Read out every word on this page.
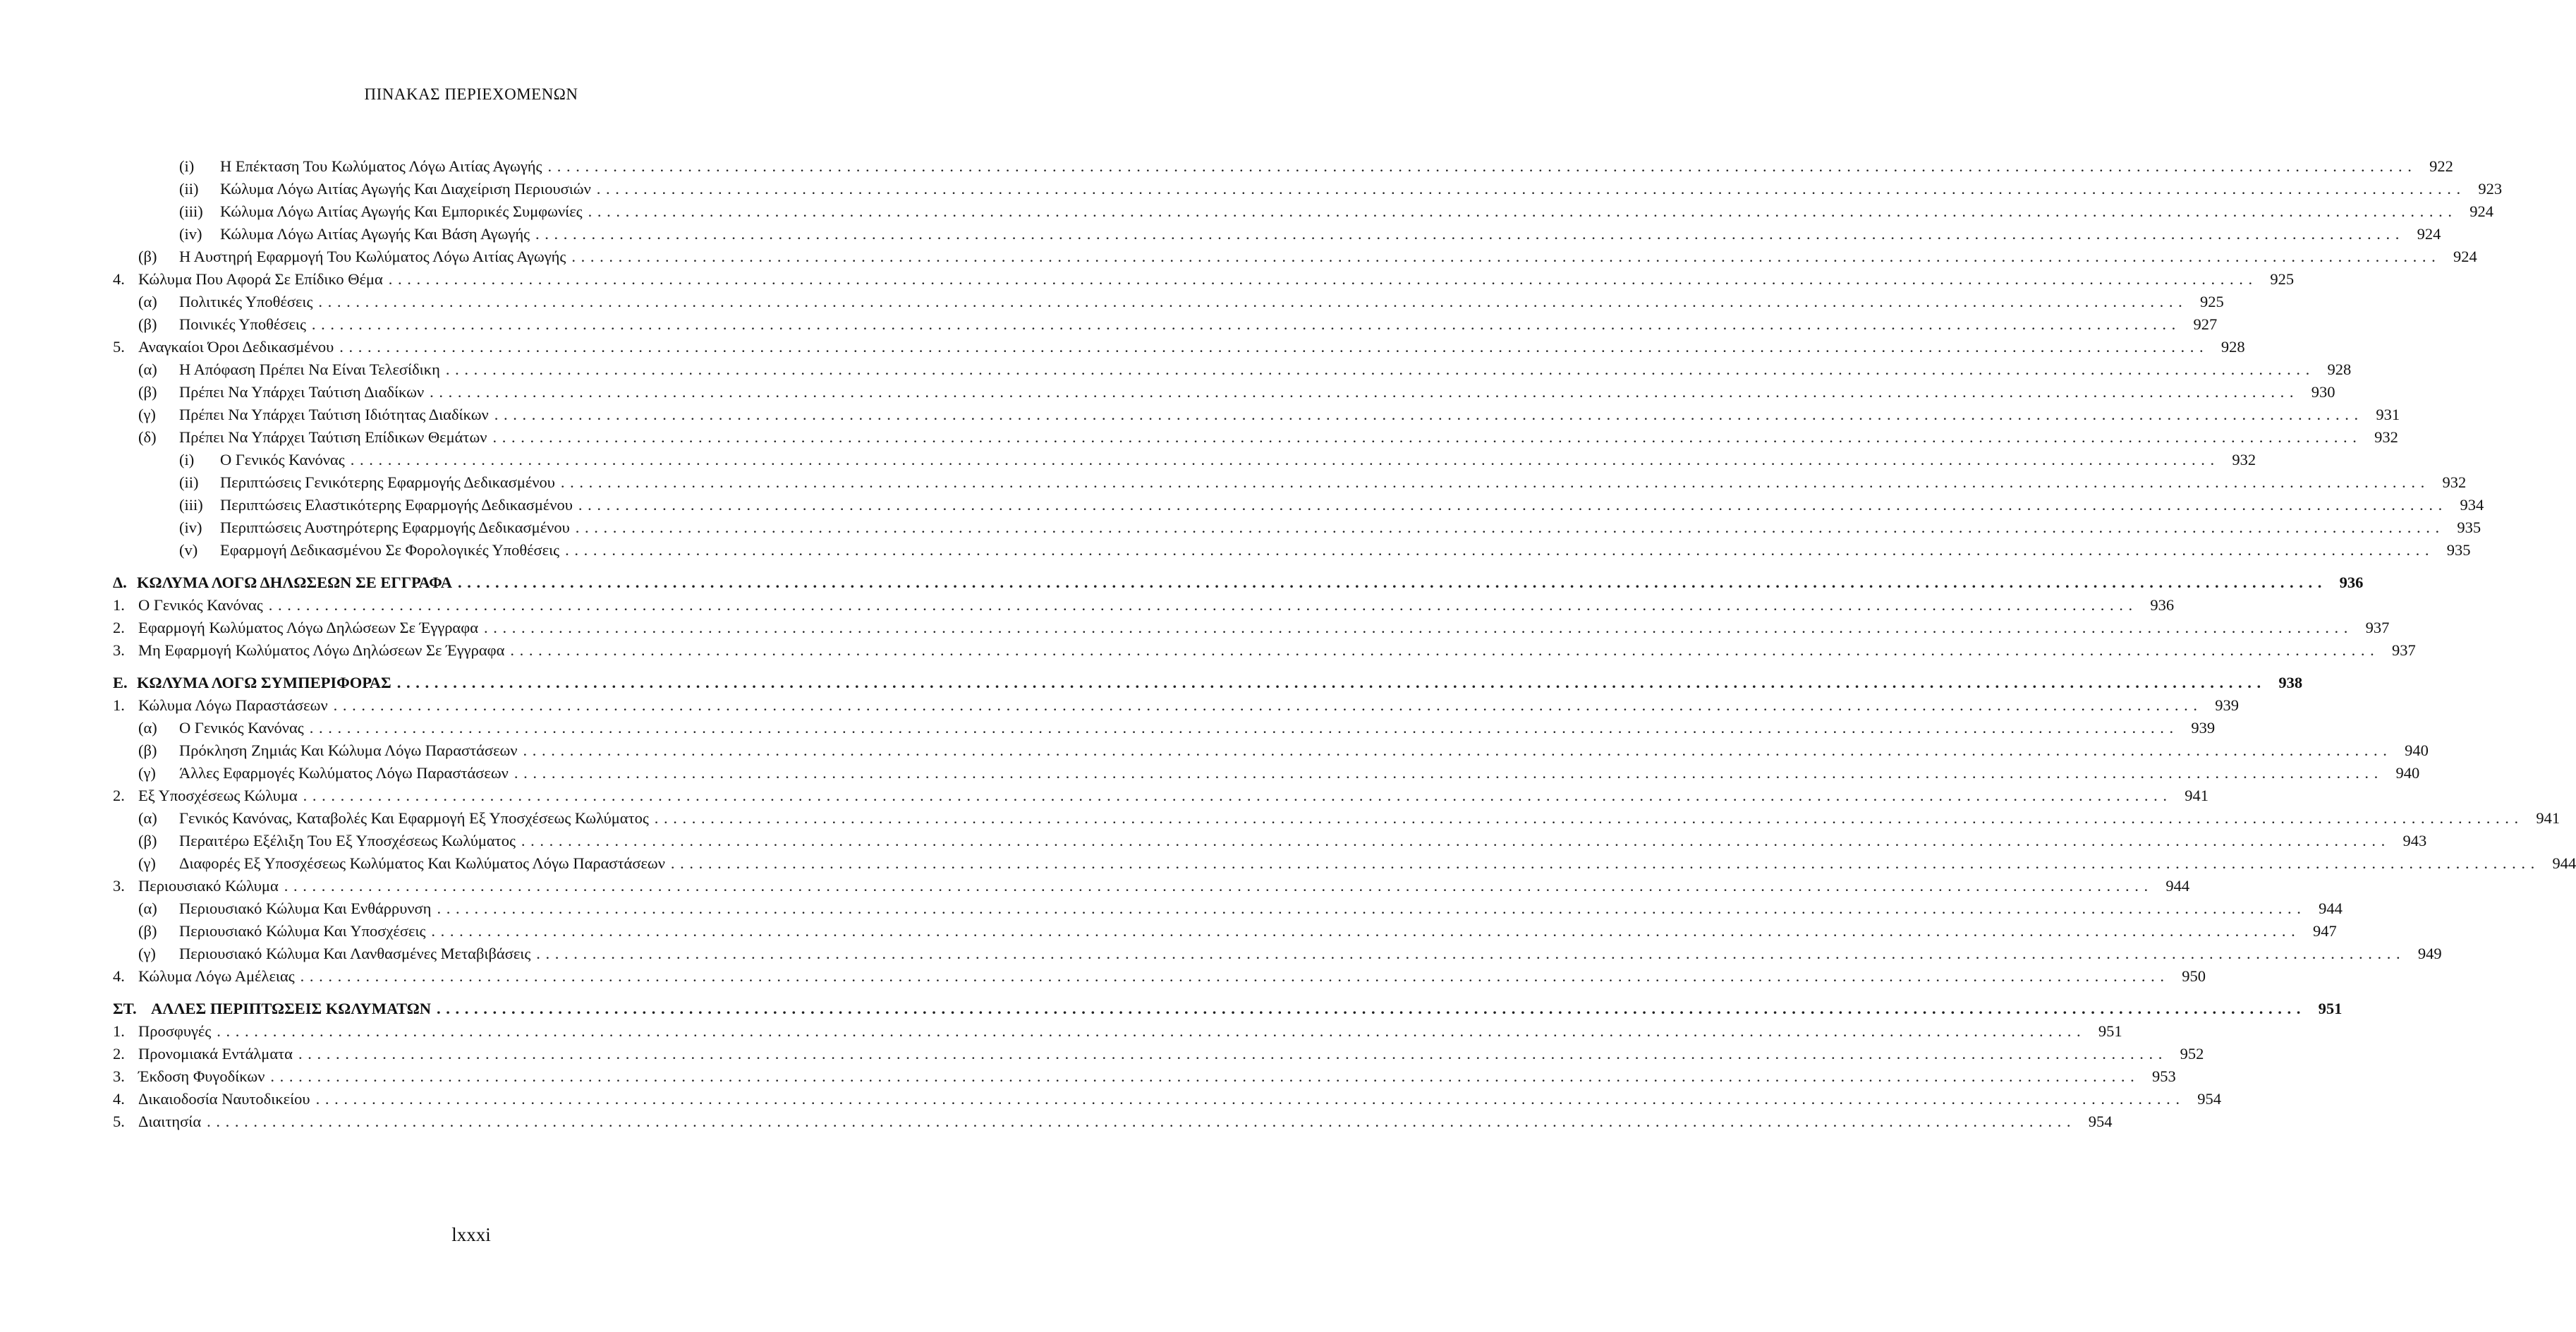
ΠΙΝΑΚΑΣ ΠΕΡΙΕΧΟΜΕΝΩΝ
(i) Η Επέκταση Του Κωλύματος Λόγω Αιτίας Αγωγής . . . . . . . . . . . . . . . . . . . . . . . . . . . . . . . . . . . . . . . . . . . . . . . . . . . . . . . . . . . . . . . . . . . . . . . . . . . . . . . . . . . . . . . . . . . . . . . . . . . . . . . . . . . . . . . . . . . . . . . . . . . . . . . . . . . . . . . . . . . . . . . . . . . . . . . . . . . . . . . . . . . . . . . . . . . . . . . . . . . . . . . . . . . . . . . . . . . . . . . .	922
(ii) Κώλυμα Λόγω Αιτίας Αγωγής Και Διαχείριση Περιουσιών . . . . . . . . . . . . . . . . . . . . . . . . . . . . . . . . . . . . . . . . . . . . . . . . . . . . . . . . . . . . . . . . . . . . . . . . . . . . . . . . . . . . . . . . . . . . . . . . . . . . . . . . . . . . . . . . . . . . . . . . . . . . . . . . . . . . . . . . . . . . . . . . . . . . . . . . . . . . . . . . . . . . . . . . . . . . . . . . . . . . . . . . . . . . . . . . . . . . . . . .	923
(iii) Κώλυμα Λόγω Αιτίας Αγωγής Και Εμπορικές Συμφωνίες . . . . . . . . . . . . . . . . . . . . . . . . . . . . . . . . . . . . . . . . . . . . . . . . . . . . . . . . . . . . . . . . . . . . . . . . . . . . . . . . . . . . . . . . . . . . . . . . . . . . . . . . . . . . . . . . . . . . . . . . . . . . . . . . . . . . . . . . . . . . . . . . . . . . . . . . . . . . . . . . . . . . . . . . . . . . . . . . . . . . . . . . . . . . . . . . . . . . . . . .	924
(iv) Κώλυμα Λόγω Αιτίας Αγωγής Και Βάση Αγωγής . . . . . . . . . . . . . . . . . . . . . . . . . . . . . . . . . . . . . . . . . . . . . . . . . . . . . . . . . . . . . . . . . . . . . . . . . . . . . . . . . . . . . . . . . . . . . . . . . . . . . . . . . . . . . . . . . . . . . . . . . . . . . . . . . . . . . . . . . . . . . . . . . . . . . . . . . . . . . . . . . . . . . . . . . . . . . . . . . . . . . . . . . . . . . . . . . . . . . . . .	924
(β) Η Αυστηρή Εφαρμογή Του Κωλύματος Λόγω Αιτίας Αγωγής . . . . . . . . . . . . . . . . . . . . . . . . . . . . . . . . . . . . . . . . . . . . . . . . . . . . . . . . . . . . . . . . . . . . . . . . . . . . . . . . . . . . . . . . . . . . . . . . . . . . . . . . . . . . . . . . . . . . . . . . . . . . . . . . . . . . . . . . . . . . . . . . . . . . . . . . . . . . . . . . . . . . . . . . . . . . . . . . . . . . . . . . . . . . . . . . . . . . . . . .	924
4. Κώλυμα Που Αφορά Σε Επίδικο Θέμα . . . . . . . . . . . . . . . . . . . . . . . . . . . . . . . . . . . . . . . . . . . . . . . . . . . . . . . . . . . . . . . . . . . . . . . . . . . . . . . . . . . . . . . . . . . . . . . . . . . . . . . . . . . . . . . . . . . . . . . . . . . . . . . . . . . . . . . . . . . . . . . . . . . . . . . . . . . . . . . . . . . . . . . . . . . . . . . . . . . . . . . . . . . . . . . . . . . . . . . .	925
(α) Πολιτικές Υποθέσεις . . . . . . . . . . . . . . . . . . . . . . . . . . . . . . . . . . . . . . . . . . . . . . . . . . . . . . . . . . . . . . . . . . . . . . . . . . . . . . . . . . . . . . . . . . . . . . . . . . . . . . . . . . . . . . . . . . . . . . . . . . . . . . . . . . . . . . . . . . . . . . . . . . . . . . . . . . . . . . . . . . . . . . . . . . . . . . . . . . . . . . . . . . . . . . . . . . . . . . . .	925
(β) Ποινικές Υποθέσεις . . . . . . . . . . . . . . . . . . . . . . . . . . . . . . . . . . . . . . . . . . . . . . . . . . . . . . . . . . . . . . . . . . . . . . . . . . . . . . . . . . . . . . . . . . . . . . . . . . . . . . . . . . . . . . . . . . . . . . . . . . . . . . . . . . . . . . . . . . . . . . . . . . . . . . . . . . . . . . . . . . . . . . . . . . . . . . . . . . . . . . . . . . . . . . . . . . . . . . . .	927
5. Αναγκαίοι Όροι Δεδικασμένου . . . . . . . . . . . . . . . . . . . . . . . . . . . . . . . . . . . . . . . . . . . . . . . . . . . . . . . . . . . . . . . . . . . . . . . . . . . . . . . . . . . . . . . . . . . . . . . . . . . . . . . . . . . . . . . . . . . . . . . . . . . . . . . . . . . . . . . . . . . . . . . . . . . . . . . . . . . . . . . . . . . . . . . . . . . . . . . . . . . . . . . . . . . . . . . . . . . . . . . .	928
(α) Η Απόφαση Πρέπει Να Είναι Τελεσίδικη . . . . . . . . . . . . . . . . . . . . . . . . . . . . . . . . . . . . . . . . . . . . . . . . . . . . . . . . . . . . . . . . . . . . . . . . . . . . . . . . . . . . . . . . . . . . . . . . . . . . . . . . . . . . . . . . . . . . . . . . . . . . . . . . . . . . . . . . . . . . . . . . . . . . . . . . . . . . . . . . . . . . . . . . . . . . . . . . . . . . . . . . . . . . . . . . . . . . . . . .	928
(β) Πρέπει Να Υπάρχει Ταύτιση Διαδίκων . . . . . . . . . . . . . . . . . . . . . . . . . . . . . . . . . . . . . . . . . . . . . . . . . . . . . . . . . . . . . . . . . . . . . . . . . . . . . . . . . . . . . . . . . . . . . . . . . . . . . . . . . . . . . . . . . . . . . . . . . . . . . . . . . . . . . . . . . . . . . . . . . . . . . . . . . . . . . . . . . . . . . . . . . . . . . . . . . . . . . . . . . . . . . . . . . . . . . . . .	930
(γ) Πρέπει Να Υπάρχει Ταύτιση Ιδιότητας Διαδίκων . . . . . . . . . . . . . . . . . . . . . . . . . . . . . . . . . . . . . . . . . . . . . . . . . . . . . . . . . . . . . . . . . . . . . . . . . . . . . . . . . . . . . . . . . . . . . . . . . . . . . . . . . . . . . . . . . . . . . . . . . . . . . . . . . . . . . . . . . . . . . . . . . . . . . . . . . . . . . . . . . . . . . . . . . . . . . . . . . . . . . . . . . . . . . . . . . . . . . . . .	931
(δ) Πρέπει Να Υπάρχει Ταύτιση Επίδικων Θεμάτων . . . . . . . . . . . . . . . . . . . . . . . . . . . . . . . . . . . . . . . . . . . . . . . . . . . . . . . . . . . . . . . . . . . . . . . . . . . . . . . . . . . . . . . . . . . . . . . . . . . . . . . . . . . . . . . . . . . . . . . . . . . . . . . . . . . . . . . . . . . . . . . . . . . . . . . . . . . . . . . . . . . . . . . . . . . . . . . . . . . . . . . . . . . . . . . . . . . . . . . .	932
(i) Ο Γενικός Κανόνας . . . . . . . . . . . . . . . . . . . . . . . . . . . . . . . . . . . . . . . . . . . . . . . . . . . . . . . . . . . . . . . . . . . . . . . . . . . . . . . . . . . . . . . . . . . . . . . . . . . . . . . . . . . . . . . . . . . . . . . . . . . . . . . . . . . . . . . . . . . . . . . . . . . . . . . . . . . . . . . . . . . . . . . . . . . . . . . . . . . . . . . . . . . . . . . . . . . . . . . .	932
(ii) Περιπτώσεις Γενικότερης Εφαρμογής Δεδικασμένου . . . . . . . . . . . . . . . . . . . . . . . . . . . . . . . . . . . . . . . . . . . . . . . . . . . . . . . . . . . . . . . . . . . . . . . . . . . . . . . . . . . . . . . . . . . . . . . . . . . . . . . . . . . . . . . . . . . . . . . . . . . . . . . . . . . . . . . . . . . . . . . . . . . . . . . . . . . . . . . . . . . . . . . . . . . . . . . . . . . . . . . . . . . . . . . . . . . . . . . .	932
(iii) Περιπτώσεις Ελαστικότερης Εφαρμογής Δεδικασμένου . . . . . . . . . . . . . . . . . . . . . . . . . . . . . . . . . . . . . . . . . . . . . . . . . . . . . . . . . . . . . . . . . . . . . . . . . . . . . . . . . . . . . . . . . . . . . . . . . . . . . . . . . . . . . . . . . . . . . . . . . . . . . . . . . . . . . . . . . . . . . . . . . . . . . . . . . . . . . . . . . . . . . . . . . . . . . . . . . . . . . . . . . . . . . . . . . . . . . . . .	934
(iv) Περιπτώσεις Αυστηρότερης Εφαρμογής Δεδικασμένου . . . . . . . . . . . . . . . . . . . . . . . . . . . . . . . . . . . . . . . . . . . . . . . . . . . . . . . . . . . . . . . . . . . . . . . . . . . . . . . . . . . . . . . . . . . . . . . . . . . . . . . . . . . . . . . . . . . . . . . . . . . . . . . . . . . . . . . . . . . . . . . . . . . . . . . . . . . . . . . . . . . . . . . . . . . . . . . . . . . . . . . . . . . . . . . . . . . . . . . .	935
(v) Εφαρμογή Δεδικασμένου Σε Φορολογικές Υποθέσεις . . . . . . . . . . . . . . . . . . . . . . . . . . . . . . . . . . . . . . . . . . . . . . . . . . . . . . . . . . . . . . . . . . . . . . . . . . . . . . . . . . . . . . . . . . . . . . . . . . . . . . . . . . . . . . . . . . . . . . . . . . . . . . . . . . . . . . . . . . . . . . . . . . . . . . . . . . . . . . . . . . . . . . . . . . . . . . . . . . . . . . . . . . . . . . . . . . . . . . . .	935
Δ. ΚΩΛΥΜΑ ΛΟΓΩ ΔΗΛΩΣΕΩΝ ΣΕ ΕΓΓΡΑΦΑ . . . . . . . . . . . . . . . . . . . . . . . . . . . . . . . . . . . . . . . . . . . . . . . . . . . . . . . . . . . . . . . . . . . . . . . . . . . . . . . . . . . . . . . . . . . . . . . . . . . . . . . . . . . . . . . . . . . . . . . . . . . . . . . . . . . . . . . . . . . . . . . . . . . . . . . . . . . . . . . . . . . . . . . . . . . . . . . . . . . . . . . . . . . . . . . . . . . . . . . .	936
1. Ο Γενικός Κανόνας . . . . . . . . . . . . . . . . . . . . . . . . . . . . . . . . . . . . . . . . . . . . . . . . . . . . . . . . . . . . . . . . . . . . . . . . . . . . . . . . . . . . . . . . . . . . . . . . . . . . . . . . . . . . . . . . . . . . . . . . . . . . . . . . . . . . . . . . . . . . . . . . . . . . . . . . . . . . . . . . . . . . . . . . . . . . . . . . . . . . . . . . . . . . . . . . . . . . . . . .	936
2. Εφαρμογή Κωλύματος Λόγω Δηλώσεων Σε Έγγραφα . . . . . . . . . . . . . . . . . . . . . . . . . . . . . . . . . . . . . . . . . . . . . . . . . . . . . . . . . . . . . . . . . . . . . . . . . . . . . . . . . . . . . . . . . . . . . . . . . . . . . . . . . . . . . . . . . . . . . . . . . . . . . . . . . . . . . . . . . . . . . . . . . . . . . . . . . . . . . . . . . . . . . . . . . . . . . . . . . . . . . . . . . . . . . . . . . . . . . . . .	937
3. Μη Εφαρμογή Κωλύματος Λόγω Δηλώσεων Σε Έγγραφα . . . . . . . . . . . . . . . . . . . . . . . . . . . . . . . . . . . . . . . . . . . . . . . . . . . . . . . . . . . . . . . . . . . . . . . . . . . . . . . . . . . . . . . . . . . . . . . . . . . . . . . . . . . . . . . . . . . . . . . . . . . . . . . . . . . . . . . . . . . . . . . . . . . . . . . . . . . . . . . . . . . . . . . . . . . . . . . . . . . . . . . . . . . . . . . . . . . . . . . .	937
Ε. ΚΩΛΥΜΑ ΛΟΓΩ ΣΥΜΠΕΡΙΦΟΡΑΣ . . . . . . . . . . . . . . . . . . . . . . . . . . . . . . . . . . . . . . . . . . . . . . . . . . . . . . . . . . . . . . . . . . . . . . . . . . . . . . . . . . . . . . . . . . . . . . . . . . . . . . . . . . . . . . . . . . . . . . . . . . . . . . . . . . . . . . . . . . . . . . . . . . . . . . . . . . . . . . . . . . . . . . . . . . . . . . . . . . . . . . . . . . . . . . . . . . . . . . . .	938
1. Κώλυμα Λόγω Παραστάσεων . . . . . . . . . . . . . . . . . . . . . . . . . . . . . . . . . . . . . . . . . . . . . . . . . . . . . . . . . . . . . . . . . . . . . . . . . . . . . . . . . . . . . . . . . . . . . . . . . . . . . . . . . . . . . . . . . . . . . . . . . . . . . . . . . . . . . . . . . . . . . . . . . . . . . . . . . . . . . . . . . . . . . . . . . . . . . . . . . . . . . . . . . . . . . . . . . . . . . . . .	939
(α) Ο Γενικός Κανόνας . . . . . . . . . . . . . . . . . . . . . . . . . . . . . . . . . . . . . . . . . . . . . . . . . . . . . . . . . . . . . . . . . . . . . . . . . . . . . . . . . . . . . . . . . . . . . . . . . . . . . . . . . . . . . . . . . . . . . . . . . . . . . . . . . . . . . . . . . . . . . . . . . . . . . . . . . . . . . . . . . . . . . . . . . . . . . . . . . . . . . . . . . . . . . . . . . . . . . . . .	939
(β) Πρόκληση Ζημιάς Και Κώλυμα Λόγω Παραστάσεων . . . . . . . . . . . . . . . . . . . . . . . . . . . . . . . . . . . . . . . . . . . . . . . . . . . . . . . . . . . . . . . . . . . . . . . . . . . . . . . . . . . . . . . . . . . . . . . . . . . . . . . . . . . . . . . . . . . . . . . . . . . . . . . . . . . . . . . . . . . . . . . . . . . . . . . . . . . . . . . . . . . . . . . . . . . . . . . . . . . . . . . . . . . . . . . . . . . . . . . .	940
(γ) Άλλες Εφαρμογές Κωλύματος Λόγω Παραστάσεων . . . . . . . . . . . . . . . . . . . . . . . . . . . . . . . . . . . . . . . . . . . . . . . . . . . . . . . . . . . . . . . . . . . . . . . . . . . . . . . . . . . . . . . . . . . . . . . . . . . . . . . . . . . . . . . . . . . . . . . . . . . . . . . . . . . . . . . . . . . . . . . . . . . . . . . . . . . . . . . . . . . . . . . . . . . . . . . . . . . . . . . . . . . . . . . . . . . . . . . .	940
2. Εξ Υποσχέσεως Κώλυμα . . . . . . . . . . . . . . . . . . . . . . . . . . . . . . . . . . . . . . . . . . . . . . . . . . . . . . . . . . . . . . . . . . . . . . . . . . . . . . . . . . . . . . . . . . . . . . . . . . . . . . . . . . . . . . . . . . . . . . . . . . . . . . . . . . . . . . . . . . . . . . . . . . . . . . . . . . . . . . . . . . . . . . . . . . . . . . . . . . . . . . . . . . . . . . . . . . . . . . . .	941
(α) Γενικός Κανόνας, Καταβολές Και Εφαρμογή Εξ Υποσχέσεως Κωλύματος . . . . . . . . . . . . . . . . . . . . . . . . . . . . . . . . . . . . . . . . . . . . . . . . . . . . . . . . . . . . . . . . . . . . . . . . . . . . . . . . . . . . . . . . . . . . . . . . . . . . . . . . . . . . . . . . . . . . . . . . . . . . . . . . . . . . . . . . . . . . . . . . . . . . . . . . . . . . . . . . . . . . . . . . . . . . . . . . . . . . . . . . . . . . . . . . . . . . . . . .	941
(β) Περαιτέρω Εξέλιξη Του Εξ Υποσχέσεως Κωλύματος . . . . . . . . . . . . . . . . . . . . . . . . . . . . . . . . . . . . . . . . . . . . . . . . . . . . . . . . . . . . . . . . . . . . . . . . . . . . . . . . . . . . . . . . . . . . . . . . . . . . . . . . . . . . . . . . . . . . . . . . . . . . . . . . . . . . . . . . . . . . . . . . . . . . . . . . . . . . . . . . . . . . . . . . . . . . . . . . . . . . . . . . . . . . . . . . . . . . . . . .	943
(γ) Διαφορές Εξ Υποσχέσεως Κωλύματος Και Κωλύματος Λόγω Παραστάσεων . . . . . . . . . . . . . . . . . . . . . . . . . . . . . . . . . . . . . . . . . . . . . . . . . . . . . . . . . . . . . . . . . . . . . . . . . . . . . . . . . . . . . . . . . . . . . . . . . . . . . . . . . . . . . . . . . . . . . . . . . . . . . . . . . . . . . . . . . . . . . . . . . . . . . . . . . . . . . . . . . . . . . . . . . . . . . . . . . . . . . . . . . . . . . . . . . . . . . . . .	944
3. Περιουσιακό Κώλυμα . . . . . . . . . . . . . . . . . . . . . . . . . . . . . . . . . . . . . . . . . . . . . . . . . . . . . . . . . . . . . . . . . . . . . . . . . . . . . . . . . . . . . . . . . . . . . . . . . . . . . . . . . . . . . . . . . . . . . . . . . . . . . . . . . . . . . . . . . . . . . . . . . . . . . . . . . . . . . . . . . . . . . . . . . . . . . . . . . . . . . . . . . . . . . . . . . . . . . . . .	944
(α) Περιουσιακό Κώλυμα Και Ενθάρρυνση . . . . . . . . . . . . . . . . . . . . . . . . . . . . . . . . . . . . . . . . . . . . . . . . . . . . . . . . . . . . . . . . . . . . . . . . . . . . . . . . . . . . . . . . . . . . . . . . . . . . . . . . . . . . . . . . . . . . . . . . . . . . . . . . . . . . . . . . . . . . . . . . . . . . . . . . . . . . . . . . . . . . . . . . . . . . . . . . . . . . . . . . . . . . . . . . . . . . . . . .	944
(β) Περιουσιακό Κώλυμα Και Υποσχέσεις . . . . . . . . . . . . . . . . . . . . . . . . . . . . . . . . . . . . . . . . . . . . . . . . . . . . . . . . . . . . . . . . . . . . . . . . . . . . . . . . . . . . . . . . . . . . . . . . . . . . . . . . . . . . . . . . . . . . . . . . . . . . . . . . . . . . . . . . . . . . . . . . . . . . . . . . . . . . . . . . . . . . . . . . . . . . . . . . . . . . . . . . . . . . . . . . . . . . . . . .	947
(γ) Περιουσιακό Κώλυμα Και Λανθασμένες Μεταβιβάσεις . . . . . . . . . . . . . . . . . . . . . . . . . . . . . . . . . . . . . . . . . . . . . . . . . . . . . . . . . . . . . . . . . . . . . . . . . . . . . . . . . . . . . . . . . . . . . . . . . . . . . . . . . . . . . . . . . . . . . . . . . . . . . . . . . . . . . . . . . . . . . . . . . . . . . . . . . . . . . . . . . . . . . . . . . . . . . . . . . . . . . . . . . . . . . . . . . . . . . . . .	949
4. Κώλυμα Λόγω Αμέλειας . . . . . . . . . . . . . . . . . . . . . . . . . . . . . . . . . . . . . . . . . . . . . . . . . . . . . . . . . . . . . . . . . . . . . . . . . . . . . . . . . . . . . . . . . . . . . . . . . . . . . . . . . . . . . . . . . . . . . . . . . . . . . . . . . . . . . . . . . . . . . . . . . . . . . . . . . . . . . . . . . . . . . . . . . . . . . . . . . . . . . . . . . . . . . . . . . . . . . . . .	950
ΣΤ. ΑΛΛΕΣ ΠΕΡΙΠΤΩΣΕΙΣ ΚΩΛΥΜΑΤΩΝ . . . . . . . . . . . . . . . . . . . . . . . . . . . . . . . . . . . . . . . . . . . . . . . . . . . . . . . . . . . . . . . . . . . . . . . . . . . . . . . . . . . . . . . . . . . . . . . . . . . . . . . . . . . . . . . . . . . . . . . . . . . . . . . . . . . . . . . . . . . . . . . . . . . . . . . . . . . . . . . . . . . . . . . . . . . . . . . . . . . . . . . . . . . . . . . . . . . . . . . .	951
1. Προσφυγές . . . . . . . . . . . . . . . . . . . . . . . . . . . . . . . . . . . . . . . . . . . . . . . . . . . . . . . . . . . . . . . . . . . . . . . . . . . . . . . . . . . . . . . . . . . . . . . . . . . . . . . . . . . . . . . . . . . . . . . . . . . . . . . . . . . . . . . . . . . . . . . . . . . . . . . . . . . . . . . . . . . . . . . . . . . . . . . . . . . . . . . . . . . . . . . . . . . . . . . .	951
2. Προνομιακά Εντάλματα . . . . . . . . . . . . . . . . . . . . . . . . . . . . . . . . . . . . . . . . . . . . . . . . . . . . . . . . . . . . . . . . . . . . . . . . . . . . . . . . . . . . . . . . . . . . . . . . . . . . . . . . . . . . . . . . . . . . . . . . . . . . . . . . . . . . . . . . . . . . . . . . . . . . . . . . . . . . . . . . . . . . . . . . . . . . . . . . . . . . . . . . . . . . . . . . . . . . . . . .	952
3. Έκδοση Φυγοδίκων . . . . . . . . . . . . . . . . . . . . . . . . . . . . . . . . . . . . . . . . . . . . . . . . . . . . . . . . . . . . . . . . . . . . . . . . . . . . . . . . . . . . . . . . . . . . . . . . . . . . . . . . . . . . . . . . . . . . . . . . . . . . . . . . . . . . . . . . . . . . . . . . . . . . . . . . . . . . . . . . . . . . . . . . . . . . . . . . . . . . . . . . . . . . . . . . . . . . . . . .	953
4. Δικαιοδοσία Ναυτοδικείου . . . . . . . . . . . . . . . . . . . . . . . . . . . . . . . . . . . . . . . . . . . . . . . . . . . . . . . . . . . . . . . . . . . . . . . . . . . . . . . . . . . . . . . . . . . . . . . . . . . . . . . . . . . . . . . . . . . . . . . . . . . . . . . . . . . . . . . . . . . . . . . . . . . . . . . . . . . . . . . . . . . . . . . . . . . . . . . . . . . . . . . . . . . . . . . . . . . . . . . .	954
5. Διαιτησία . . . . . . . . . . . . . . . . . . . . . . . . . . . . . . . . . . . . . . . . . . . . . . . . . . . . . . . . . . . . . . . . . . . . . . . . . . . . . . . . . . . . . . . . . . . . . . . . . . . . . . . . . . . . . . . . . . . . . . . . . . . . . . . . . . . . . . . . . . . . . . . . . . . . . . . . . . . . . . . . . . . . . . . . . . . . . . . . . . . . . . . . . . . . . . . . . . . . . . . .	954
lxxxi
